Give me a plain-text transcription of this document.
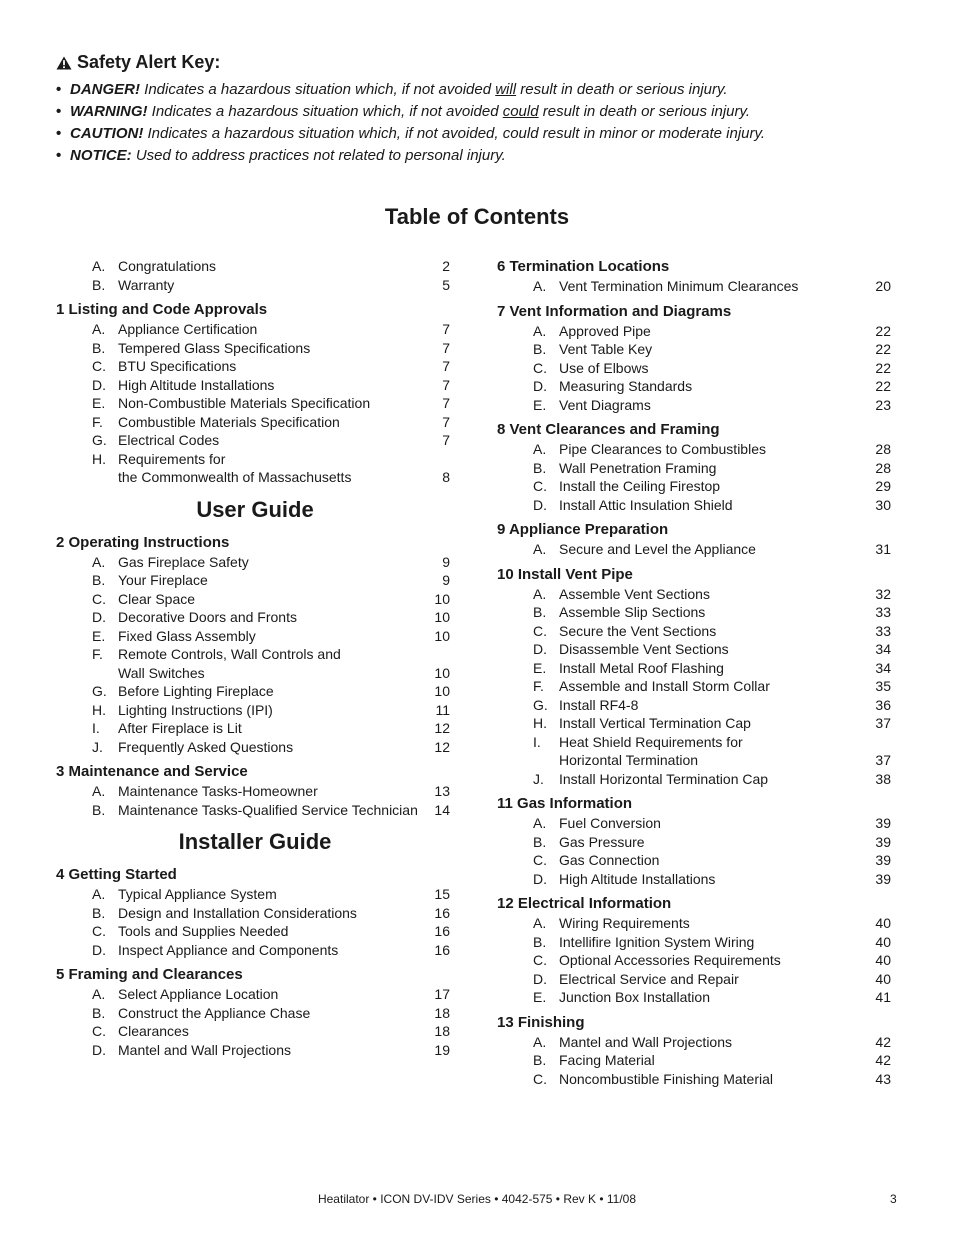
Safety Alert Key:
• DANGER! Indicates a hazardous situation which, if not avoided will result in death or serious injury.
• WARNING! Indicates a hazardous situation which, if not avoided could result in death or serious injury.
• CAUTION! Indicates a hazardous situation which, if not avoided, could result in minor or moderate injury.
• NOTICE: Used to address practices not related to personal injury.
Table of Contents
A. Congratulations	2
B. Warranty	5
1 Listing and Code Approvals
A. Appliance Certification	7
B. Tempered Glass Specifications	7
C. BTU Specifications	7
D. High Altitude Installations	7
E. Non-Combustible Materials Specification	7
F.	Combustible Materials Specification	7
G. Electrical Codes	7
H. Requirements for
the Commonwealth of Massachusetts	8
User Guide
2 Operating Instructions
A. Gas Fireplace Safety	9
B. Your Fireplace	9
C. Clear Space	10
D. Decorative Doors and Fronts	10
E. Fixed Glass Assembly	10
F.	Remote Controls, Wall Controls and
Wall Switches	10
G. Before Lighting Fireplace	10
H. Lighting Instructions (IPI)	11
I.	After Fireplace is Lit	12
J.	Frequently Asked Questions	12
3 Maintenance and Service
A. Maintenance Tasks-Homeowner	13
B. Maintenance Tasks-Qualified Service Technician	14
Installer Guide
4 Getting Started
A. Typical Appliance System	15
B. Design and Installation Considerations	16
C. Tools and Supplies Needed	16
D. Inspect Appliance and Components	16
5 Framing and Clearances
A. Select Appliance Location	17
B. Construct the Appliance Chase	18
C. Clearances	18
D. Mantel and Wall Projections	19
6 Termination Locations
A. Vent Termination Minimum Clearances	20
7 Vent Information and Diagrams
A. Approved Pipe	22
B. Vent Table Key	22
C. Use of Elbows	22
D. Measuring Standards	22
E. Vent Diagrams	23
8 Vent Clearances and Framing
A. Pipe Clearances to Combustibles	28
B. Wall Penetration Framing	28
C. Install the Ceiling Firestop	29
D. Install Attic Insulation Shield	30
9 Appliance Preparation
A. Secure and Level the Appliance	31
10 Install Vent Pipe
A. Assemble Vent Sections	32
B. Assemble Slip Sections	33
C. Secure the Vent Sections	33
D. Disassemble Vent Sections	34
E. Install Metal Roof Flashing	34
F.	Assemble and Install Storm Collar	35
G. Install RF4-8	36
H. Install Vertical Termination Cap	37
I.	Heat Shield Requirements for
Horizontal Termination	37
J.	Install Horizontal Termination Cap	38
11 Gas Information
A. Fuel Conversion	39
B. Gas Pressure	39
C. Gas Connection	39
D. High Altitude Installations	39
12 Electrical Information
A. Wiring Requirements	40
B. Intellifire Ignition System Wiring	40
C. Optional Accessories Requirements	40
D. Electrical Service and Repair	40
E. Junction Box Installation	41
13 Finishing
A. Mantel and Wall Projections	42
B. Facing Material	42
C. Noncombustible Finishing Material	43
Heatilator • ICON DV-IDV Series • 4042-575 • Rev K • 11/08	3
